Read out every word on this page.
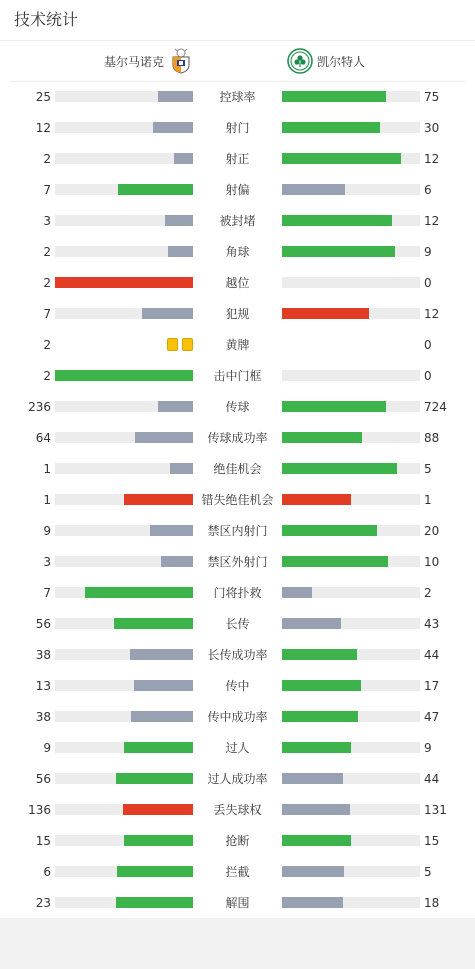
技术统计
基尔马诺克	凯尔特人
25	控球率	75
12	射门	30
2	射正	12
7	射偏	6
3	被封堵	12
2	角球	9
2	越位	0
7	犯规	12
2	黄牌	0
2	击中门框	0
236	传球	724
64	传球成功率	88
1	绝佳机会	5
1	错失绝佳机会	1
9	禁区内射门	20
3	禁区外射门	10
7	门将扑救	2
56	长传	43
38	长传成功率	44
13	传中	17
38	传中成功率	47
9	过人	9
56	过人成功率	44
136	丢失球权	131
15	抢断	15
6	拦截	5
23	解围	18
